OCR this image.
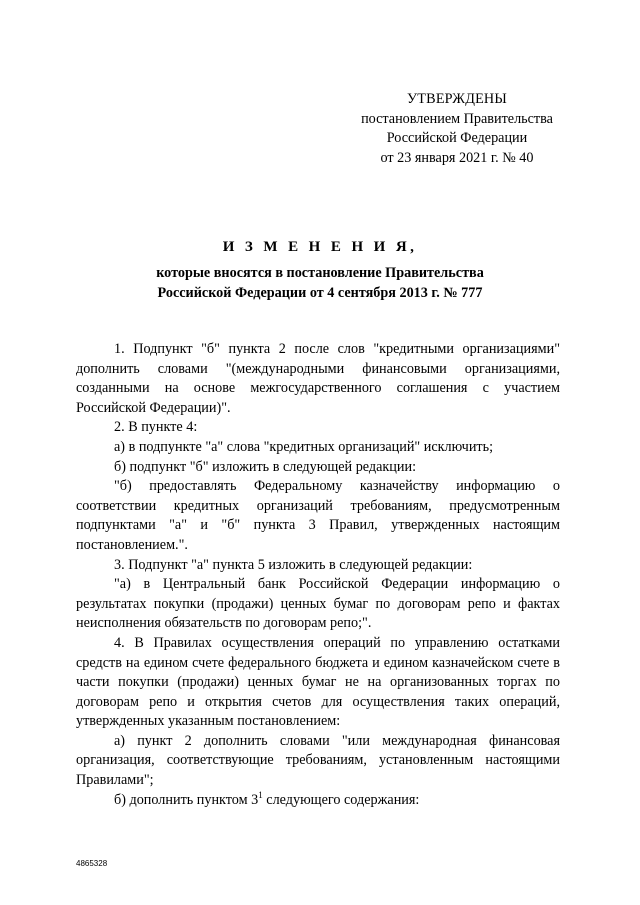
УТВЕРЖДЕНЫ
постановлением Правительства
Российской Федерации
от 23 января 2021 г. № 40
И З М Е Н Е Н И Я,
которые вносятся в постановление Правительства Российской Федерации от 4 сентября 2013 г. № 777

1. Подпункт "б" пункта 2 после слов "кредитными организациями" дополнить словами "(международными финансовыми организациями, созданными на основе межгосударственного соглашения с участием Российской Федерации)".

2. В пункте 4:

а) в подпункте "а" слова "кредитных организаций" исключить;

б) подпункт "б" изложить в следующей редакции:

"б) предоставлять Федеральному казначейству информацию о соответствии кредитных организаций требованиям, предусмотренным подпунктами "а" и "б" пункта 3 Правил, утвержденных настоящим постановлением.".

3. Подпункт "а" пункта 5 изложить в следующей редакции:

"а) в Центральный банк Российской Федерации информацию о результатах покупки (продажи) ценных бумаг по договорам репо и фактах неисполнения обязательств по договорам репо;".

4. В Правилах осуществления операций по управлению остатками средств на едином счете федерального бюджета и едином казначейском счете в части покупки (продажи) ценных бумаг не на организованных торгах по договорам репо и открытия счетов для осуществления таких операций, утвержденных указанным постановлением:

а) пункт 2 дополнить словами "или международная финансовая организация, соответствующие требованиям, установленным настоящими Правилами";

б) дополнить пунктом $3^1$ следующего содержания:

4865328
